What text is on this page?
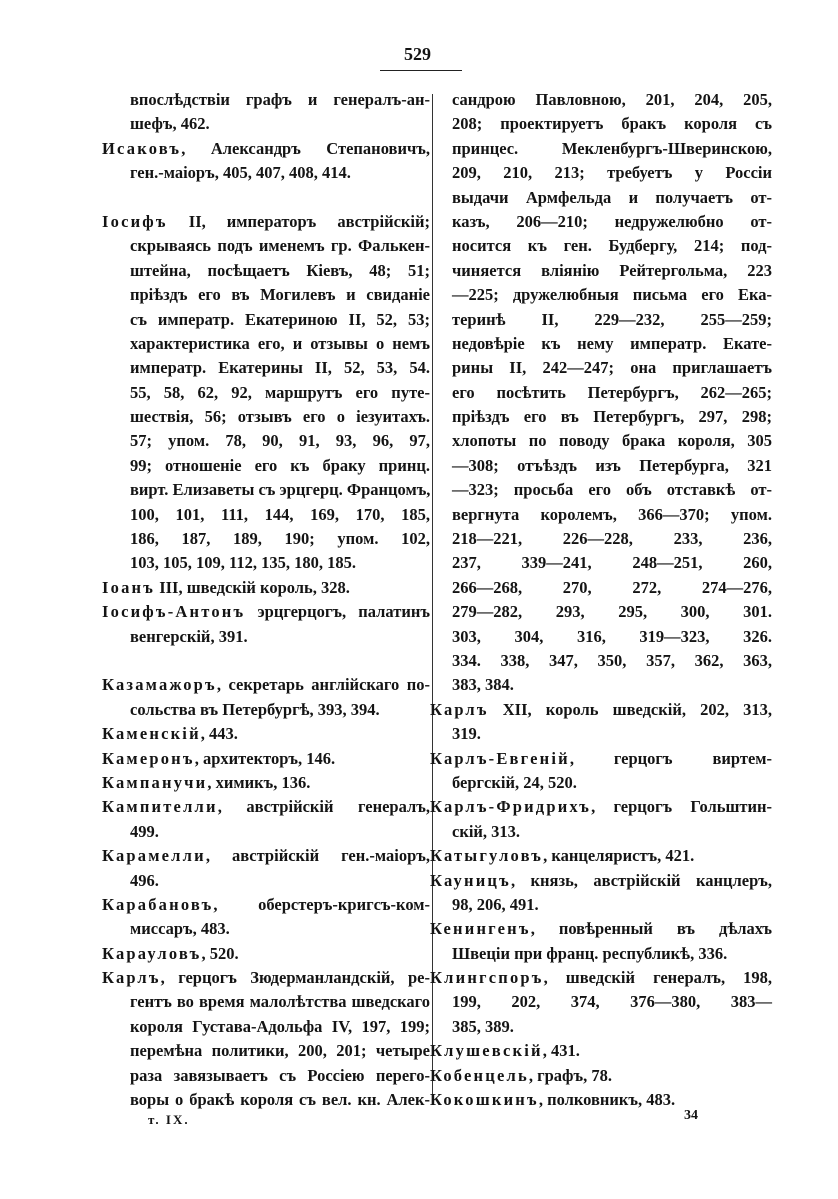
529
впослѣдствіи графъ и генералъ-ан-
шефъ, 462.
Исаковъ, Александръ Степановичъ,
ген.-маіоръ, 405, 407, 408, 414.
Іосифъ II, императоръ австрійскій;
скрываясь подъ именемъ гр. Фалькен-
штейна, посѣщаетъ Кіевъ, 48; 51;
пріѣздъ его въ Могилевъ и свиданіе
съ императр. Екатериною II, 52, 53;
характеристика его, и отзывы о немъ
императр. Екатерины II, 52, 53, 54.
55, 58, 62, 92, маршрутъ его путе-
шествія, 56; отзывъ его о іезуитахъ.
57; упом. 78, 90, 91, 93, 96, 97,
99; отношеніе его къ браку принц.
вирт. Елизаветы съ эрцгерц. Францомъ,
100, 101, 111, 144, 169, 170, 185,
186, 187, 189, 190; упом. 102,
103, 105, 109, 112, 135, 180, 185.
Іоанъ III, шведскій король, 328.
Іосифъ-Антонъ эрцгерцогъ, палатинъ
венгерскій, 391.
Казамажоръ, секретарь англійскаго по-
сольства въ Петербургѣ, 393, 394.
Каменскій, 443.
Камеронъ, архитекторъ, 146.
Кампанучи, химикъ, 136.
Кампителли, австрійскій генералъ,
499.
Карамелли, австрійскій ген.-маіоръ,
496.
Карабановъ, оберстеръ-кригсъ-ком-
миссаръ, 483.
Карауловъ, 520.
Карлъ, герцогъ Зюдерманландскій, ре-
гентъ во время малолѣтства шведскаго
короля Густава-Адольфа IV, 197, 199;
перемѣна политики, 200, 201; четыре
раза завязываетъ съ Россіею перего-
воры о бракѣ короля съ вел. кн. Алек-
сандрою Павловною, 201, 204, 205,
208; проектируетъ бракъ короля съ
принцес. Мекленбургъ-Шверинскою,
209, 210, 213; требуетъ у Россіи
выдачи Армфельда и получаетъ от-
казъ, 206—210; недружелюбно от-
носится къ ген. Будбергу, 214; под-
чиняется вліянію Рейтергольма, 223
—225; дружелюбныя письма его Ека-
теринѣ II, 229—232, 255—259;
недовѣріе къ нему императр. Екате-
рины II, 242—247; она приглашаетъ
его посѣтить Петербургъ, 262—265;
пріѣздъ его въ Петербургъ, 297, 298;
хлопоты по поводу брака короля, 305
—308; отъѣздъ изъ Петербурга, 321
—323; просьба его объ отставкѣ от-
вергнута королемъ, 366—370; упом.
218—221, 226—228, 233, 236,
237, 339—241, 248—251, 260,
266—268, 270, 272, 274—276,
279—282, 293, 295, 300, 301.
303, 304, 316, 319—323, 326.
334. 338, 347, 350, 357, 362, 363,
383, 384.
Карлъ XII, король шведскій, 202, 313,
319.
Карлъ-Евгеній, герцогъ виртем-
бергскій, 24, 520.
Карлъ-Фридрихъ, герцогъ Гольштин-
скій, 313.
Катыгуловъ, канцеляристъ, 421.
Кауницъ, князь, австрійскій канцлеръ,
98, 206, 491.
Кенингенъ, повѣренный въ дѣлахъ
Швеціи при франц. республикѣ, 336.
Клингспоръ, шведскій генералъ, 198,
199, 202, 374, 376—380, 383—
385, 389.
Клушевскій, 431.
Кобенцель, графъ, 78.
Кокошкинъ, полковникъ, 483.
т. IX.	34
